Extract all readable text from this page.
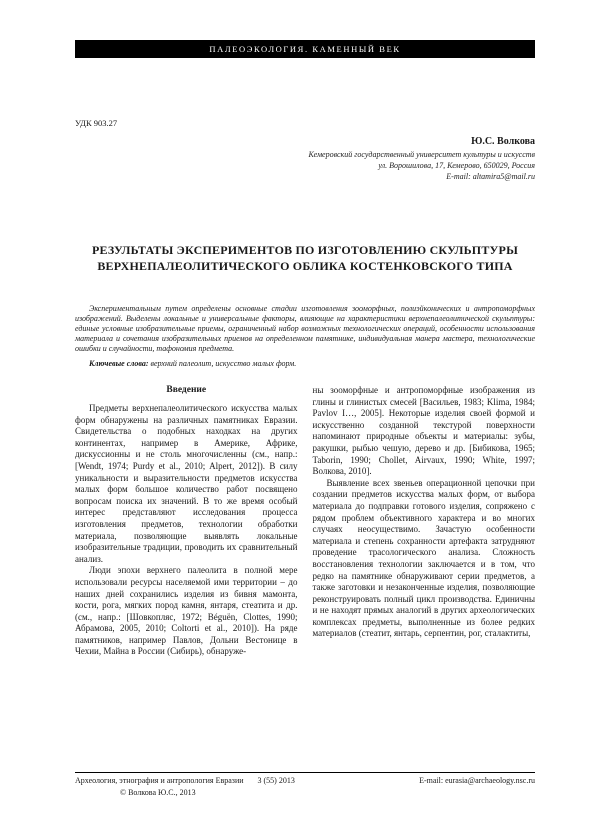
ПАЛЕОЭКОЛОГИЯ. КАМЕННЫЙ ВЕК
УДК 903.27
Ю.С. Волкова
Кемеровский государственный университет культуры и искусств
ул. Ворошилова, 17, Кемерово, 650029, Россия
E-mail: altamira5@mail.ru
РЕЗУЛЬТАТЫ ЭКСПЕРИМЕНТОВ ПО ИЗГОТОВЛЕНИЮ СКУЛЬПТУРЫ ВЕРХНЕПАЛЕОЛИТИЧЕСКОГО ОБЛИКА КОСТЕНКОВСКОГО ТИПА

Экспериментальным путем определены основные стадии изготовления зооморфных, полиэйконических и антропоморфных изображений. Выделены локальные и универсальные факторы, влияющие на характеристики верхнепалеолитической скульптуры: единые условные изобразительные приемы, ограниченный набор возможных технологических операций, особенности использования материала и сочетания изобразительных приемов на определенном памятнике, индивидуальная манера мастера, технологические ошибки и случайности, тафономия предмета.

Ключевые слова: верхний палеолит, искусство малых форм.

Введение

Предметы верхнепалеолитического искусства малых форм обнаружены на различных памятниках Евразии. Свидетельства о подобных находках на других континентах, например в Америке, Африке, дискуссионны и не столь многочисленны (см., напр.: [Wendt, 1974; Purdy et al., 2010; Alpert, 2012]). В силу уникальности и выразительности предметов искусства малых форм большое количество работ посвящено вопросам поиска их значений. В то же время особый интерес представляют исследования процесса изготовления предметов, технологии обработки материала, позволяющие выявлять локальные изобразительные традиции, проводить их сравнительный анализ.

Люди эпохи верхнего палеолита в полной мере использовали ресурсы населяемой ими территории – до наших дней сохранились изделия из бивня мамонта, кости, рога, мягких пород камня, янтаря, стеатита и др. (см., напр.: [Шовкопляс, 1972; Béguën, Clottes, 1990; Абрамова, 2005, 2010; Coltorti et al., 2010]). На ряде памятников, например Павлов, Дольни Вестонице в Чехии, Майна в России (Сибирь), обнаруже-

ны зооморфные и антропоморфные изображения из глины и глинистых смесей [Васильев, 1983; Klima, 1984; Pavlov I…, 2005]. Некоторые изделия своей формой и искусственно созданной текстурой поверхности напоминают природные объекты и материалы: зубы, ракушки, рыбью чешую, дерево и др. [Бибикова, 1965; Taborin, 1990; Chollet, Airvaux, 1990; White, 1997; Волкова, 2010].

Выявление всех звеньев операционной цепочки при создании предметов искусства малых форм, от выбора материала до подправки готового изделия, сопряжено с рядом проблем объективного характера и во многих случаях неосуществимо. Зачастую особенности материала и степень сохранности артефакта затрудняют проведение трасологического анализа. Сложность восстановления технологии заключается и в том, что редко на памятнике обнаруживают серии предметов, а также заготовки и незаконченные изделия, позволяющие реконструировать полный цикл производства. Единичны и не находят прямых аналогий в других археологических комплексах предметы, выполненные из более редких материалов (стеатит, янтарь, серпентин, рог, сталактиты,

Археология, этнография и антропология Евразии 3 (55) 2013	E-mail: eurasia@archaeology.nsc.ru
© Волкова Ю.С., 2013
